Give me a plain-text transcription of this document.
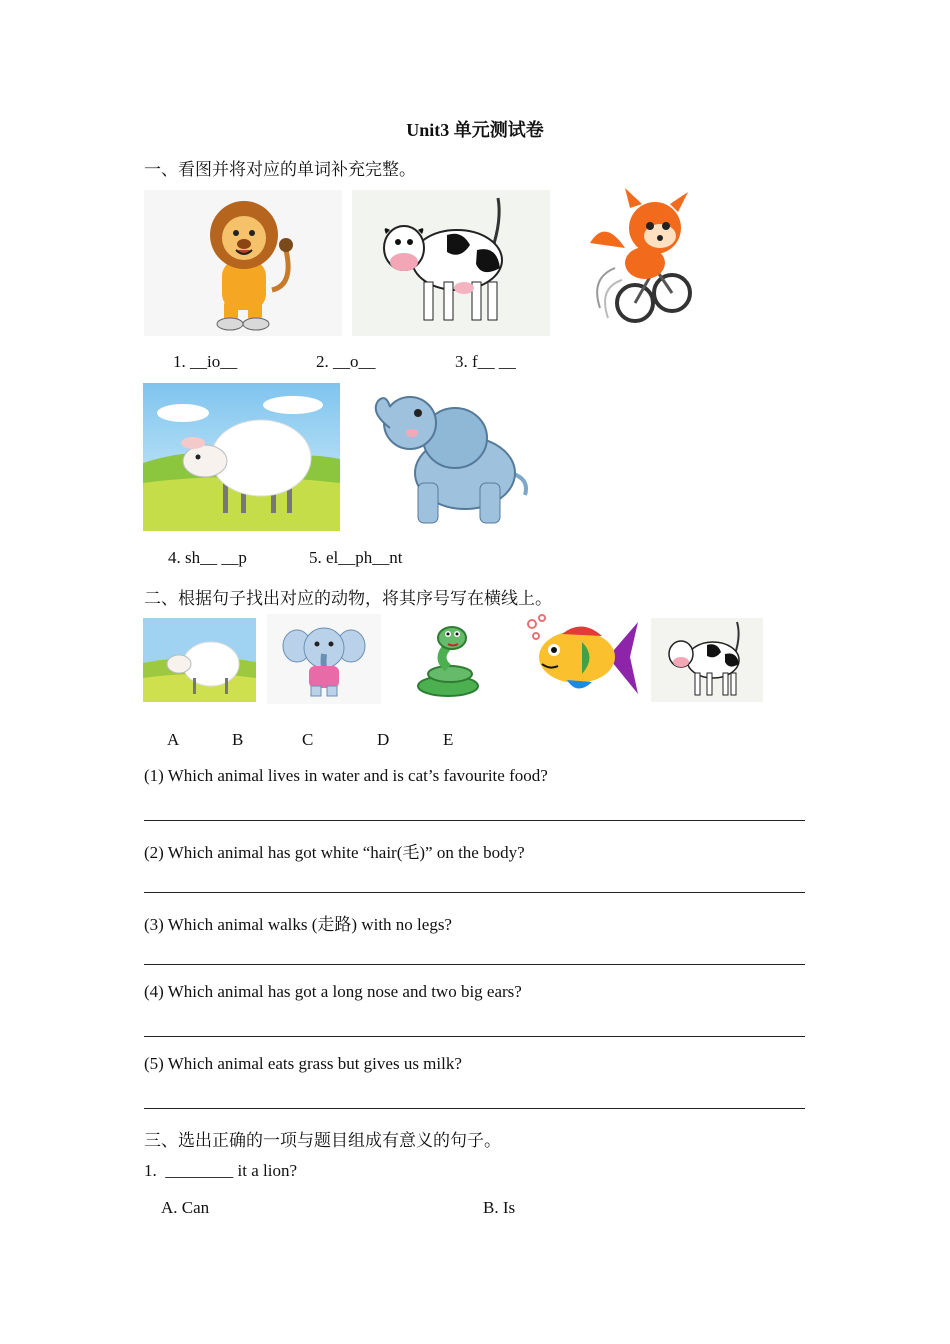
Unit3 单元测试卷
一、看图并将对应的单词补充完整。
1. __io__	2. __o__	3. f__ __
4. sh__ __p	5. el__ph__nt
二、根据句子找出对应的动物，将其序号写在横线上。
A	B	C	D	E
(1) Which animal lives in water and is cat’s favourite food?
(2) Which animal has got white “hair(毛)” on the body?
(3) Which animal walks (走路) with no legs?
(4) Which animal has got a long nose and two big ears?
(5) Which animal eats grass but gives us milk?
三、选出正确的一项与题目组成有意义的句子。
1.  ________ it a lion?
A. Can	B. Is
